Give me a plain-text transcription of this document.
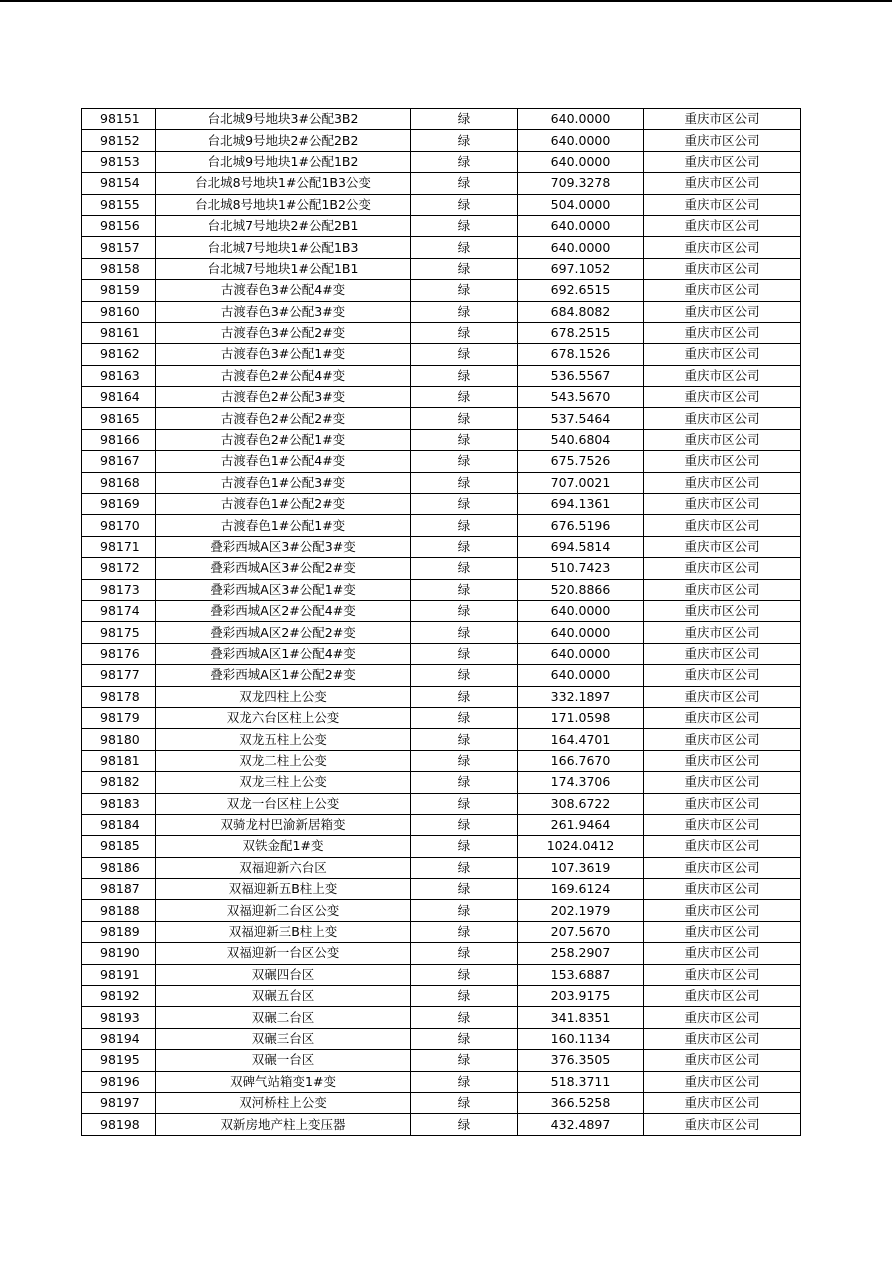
98151	台北城9号地块3#公配3B2	绿	640.0000	重庆市区公司
98152	台北城9号地块2#公配2B2	绿	640.0000	重庆市区公司
98153	台北城9号地块1#公配1B2	绿	640.0000	重庆市区公司
98154	台北城8号地块1#公配1B3公变	绿	709.3278	重庆市区公司
98155	台北城8号地块1#公配1B2公变	绿	504.0000	重庆市区公司
98156	台北城7号地块2#公配2B1	绿	640.0000	重庆市区公司
98157	台北城7号地块1#公配1B3	绿	640.0000	重庆市区公司
98158	台北城7号地块1#公配1B1	绿	697.1052	重庆市区公司
98159	古渡春色3#公配4#变	绿	692.6515	重庆市区公司
98160	古渡春色3#公配3#变	绿	684.8082	重庆市区公司
98161	古渡春色3#公配2#变	绿	678.2515	重庆市区公司
98162	古渡春色3#公配1#变	绿	678.1526	重庆市区公司
98163	古渡春色2#公配4#变	绿	536.5567	重庆市区公司
98164	古渡春色2#公配3#变	绿	543.5670	重庆市区公司
98165	古渡春色2#公配2#变	绿	537.5464	重庆市区公司
98166	古渡春色2#公配1#变	绿	540.6804	重庆市区公司
98167	古渡春色1#公配4#变	绿	675.7526	重庆市区公司
98168	古渡春色1#公配3#变	绿	707.0021	重庆市区公司
98169	古渡春色1#公配2#变	绿	694.1361	重庆市区公司
98170	古渡春色1#公配1#变	绿	676.5196	重庆市区公司
98171	叠彩西城A区3#公配3#变	绿	694.5814	重庆市区公司
98172	叠彩西城A区3#公配2#变	绿	510.7423	重庆市区公司
98173	叠彩西城A区3#公配1#变	绿	520.8866	重庆市区公司
98174	叠彩西城A区2#公配4#变	绿	640.0000	重庆市区公司
98175	叠彩西城A区2#公配2#变	绿	640.0000	重庆市区公司
98176	叠彩西城A区1#公配4#变	绿	640.0000	重庆市区公司
98177	叠彩西城A区1#公配2#变	绿	640.0000	重庆市区公司
98178	双龙四柱上公变	绿	332.1897	重庆市区公司
98179	双龙六台区柱上公变	绿	171.0598	重庆市区公司
98180	双龙五柱上公变	绿	164.4701	重庆市区公司
98181	双龙二柱上公变	绿	166.7670	重庆市区公司
98182	双龙三柱上公变	绿	174.3706	重庆市区公司
98183	双龙一台区柱上公变	绿	308.6722	重庆市区公司
98184	双骑龙村巴渝新居箱变	绿	261.9464	重庆市区公司
98185	双铁金配1#变	绿	1024.0412	重庆市区公司
98186	双福迎新六台区	绿	107.3619	重庆市区公司
98187	双福迎新五B柱上变	绿	169.6124	重庆市区公司
98188	双福迎新二台区公变	绿	202.1979	重庆市区公司
98189	双福迎新三B柱上变	绿	207.5670	重庆市区公司
98190	双福迎新一台区公变	绿	258.2907	重庆市区公司
98191	双碾四台区	绿	153.6887	重庆市区公司
98192	双碾五台区	绿	203.9175	重庆市区公司
98193	双碾二台区	绿	341.8351	重庆市区公司
98194	双碾三台区	绿	160.1134	重庆市区公司
98195	双碾一台区	绿	376.3505	重庆市区公司
98196	双碑气站箱变1#变	绿	518.3711	重庆市区公司
98197	双河桥柱上公变	绿	366.5258	重庆市区公司
98198	双新房地产柱上变压器	绿	432.4897	重庆市区公司
